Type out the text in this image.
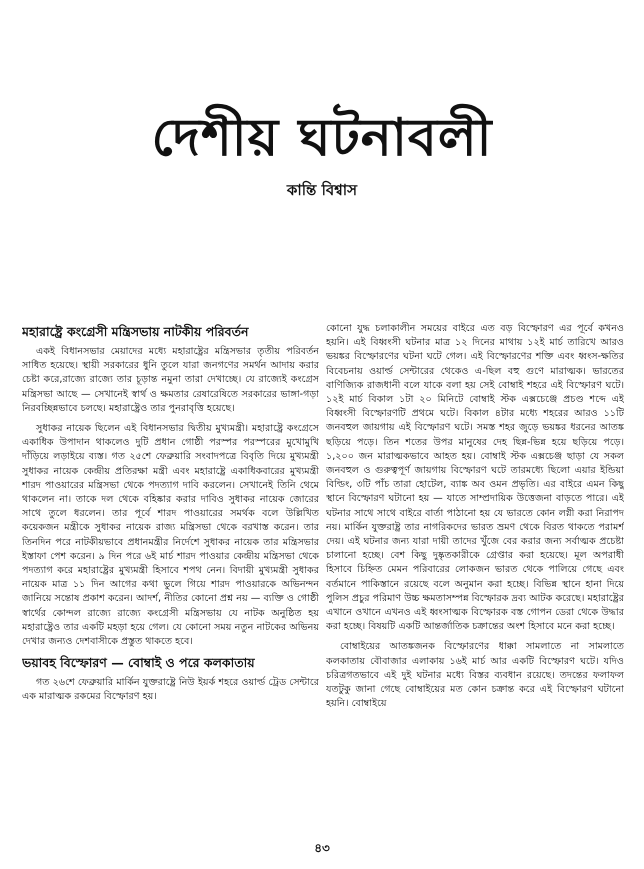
দেশীয় ঘটনাবলী

কান্তি বিশ্বাস

মহারাষ্ট্রে কংগ্রেসী মন্ত্রিসভায় নাটকীয় পরিবর্তন

একই বিধানসভার মেয়াদের মধ্যে মহারাষ্ট্রের মন্ত্রিসভার তৃতীয় পরিবর্তন সাধিত হয়েছে। স্থায়ী সরকারের ধুনি তুলে যারা জনগণের সমর্থন আদায় করার চেষ্টা করে,রাজ্যে রাজ্যে তার চূড়ান্ত নমুনা তারা দেখাচ্ছে। যে রাজ্যেই কংগ্রেস মন্ত্রিসভা আছে — সেখানেই স্বার্থ ও ক্ষমতার রেষারেষিতে সরকারের ভাঙ্গা-গড়া নিরবচ্ছিন্নভাবে চলছে। মহারাষ্ট্রেও তার পুনরাবৃত্তি হয়েছে।

সুধাকর নায়েক ছিলেন এই বিধানসভার দ্বিতীয় মুখ্যমন্ত্রী। মহারাষ্ট্রে কংগ্রেসে একাধিক উপাদান থাকলেও দুটি প্রধান গোষ্ঠী পরস্পর পরস্পরের মুখোমুখি দাঁড়িয়ে লড়াইয়ে ব্যস্ত। গত ২৫শে ফেব্রুয়ারি সংবাদপত্রে বিবৃতি দিয়ে মুখ্যমন্ত্রী সুধাকর নায়েক কেন্দ্রীয় প্রতিরক্ষা মন্ত্রী এবং মহারাষ্ট্রে একাধিকবারের মুখ্যমন্ত্রী শারদ পাওয়ারের মন্ত্রিসভা থেকে পদত্যাগ দাবি করলেন। সেখানেই তিনি থেমে থাকলেন না। তাকে দল থেকে বহিষ্কার করার দাবিও সুধাকর নায়েক জোরের সাথে তুলে ধরলেন। তার পূর্বে শারদ পাওয়ারের সমর্থক বলে উল্লিখিত কয়েকজন মন্ত্রীকে সুধাকর নায়েক রাজ্য মন্ত্রিসভা থেকে বরখাস্ত করেন। তার তিনদিন পরে নাটকীয়ভাবে প্রধানমন্ত্রীর নির্দেশে সুধাকর নায়েক তার মন্ত্রিসভার ইস্তাফা পেশ করেন। ৯ দিন পরে ৬ই মার্চ শারদ পাওয়ার কেন্দ্রীয় মন্ত্রিসভা থেকে পদত্যাগ করে মহারাষ্ট্রের মুখ্যমন্ত্রী হিসাবে শপথ নেন। বিদায়ী মুখ্যমন্ত্রী সুধাকর নায়েক মাত্র ১১ দিন আগের কথা ভুলে গিয়ে শারদ পাওয়ারকে অভিনন্দন জানিয়ে সন্তোষ প্রকাশ করেন। আদর্শ, নীতির কোনো প্রশ্ন নয় — ব্যক্তি ও গোষ্ঠী স্বার্থের কোন্দল রাজ্যে রাজ্যে কংগ্রেসী মন্ত্রিসভায় যে নাটক অনুষ্ঠিত হয় মহারাষ্ট্রেও তার একটি মহড়া হয়ে গেল। যে কোনো সময় নতুন নাটকের অভিনয় দেখার জন্যও দেশবাসীকে প্রস্তুত থাকতে হবে।

ভয়াবহ বিস্ফোরণ — বোম্বাই ও পরে কলকাতায়

গত ২৬শে ফেব্রুয়ারি মার্কিন যুক্তরাষ্ট্রে নিউ ইয়র্ক শহরে ওয়ার্ল্ড ট্রেড সেন্টারে এক মারাত্মক রকমের বিস্ফোরণ হয়।

কোনো যুদ্ধ চলাকালীন সময়ের বাইরে এত বড় বিস্ফোরণ এর পূর্বে কখনও হয়নি। এই বিধ্বংসী ঘটনার মাত্র ১২ দিনের মাথায় ১২ই মার্চ তারিখে আরও ভয়ঙ্কর বিস্ফোরণের ঘটনা ঘটে গেল। এই বিস্ফোরণের শক্তি এবং ধ্বংস-ক্ষতির বিবেচনায় ওয়ার্ল্ড সেন্টারের থেকেও এ-ছিল বহু গুণে মারাত্মক। ভারতের বাণিজ্যিক রাজধানী বলে যাকে বলা হয় সেই বোম্বাই শহরে এই বিস্ফোরণ ঘটে। ১২ই মার্চ বিকাল ১টা ২০ মিনিটে বোম্বাই স্টক এক্সচেঞ্জে প্রচণ্ড শব্দে এই বিধ্বংসী বিস্ফোরণটি প্রথমে ঘটে। বিকাল ৪টার মধ্যে শহরের আরও ১১টি জনবহুল জায়গায় এই বিস্ফোরণ ঘটে। সমস্ত শহর জুড়ে ভয়ঙ্কর ধরনের আতঙ্ক ছড়িয়ে পড়ে। তিন শতের উপর মানুষের দেহ ছিন্ন-ভিন্ন হয়ে ছড়িয়ে পড়ে। ১,২০০ জন মারাত্মকভাবে আহত হয়। বোম্বাই স্টক এক্সচেঞ্জ ছাড়া যে সকল জনবহুল ও গুরুত্বপূর্ণ জায়গায় বিস্ফোরণ ঘটে তারমধ্যে ছিলো এয়ার ইন্ডিয়া বিল্ডিং, ৩টি পাঁচ তারা হোটেল, ব্যাঙ্ক অব ওমন প্রভৃতি। এর বাইরে এমন কিছু স্থানে বিস্ফোরণ ঘটানো হয় — যাতে সাম্প্রদায়িক উত্তেজনা বাড়তে পারে। এই ঘটনার সাথে সাথে বাইরে বার্তা পাঠানো হয় যে ভারতে কোন লগ্নী করা নিরাপদ নয়। মার্কিন যুক্তরাষ্ট্র তার নাগরিকদের ভারত ভ্রমণ থেকে বিরত থাকতে পরামর্শ দেয়। এই ঘটনার জন্য যারা দায়ী তাদের খুঁজে বের করার জন্য সর্বাত্মক প্রচেষ্টা চালানো হচ্ছে। বেশ কিছু দুষ্কৃতকারীকে গ্রেপ্তার করা হয়েছে। মূল অপরাধী হিসাবে চিহ্নিত মেমন পরিবারের লোকজন ভারত থেকে পালিয়ে গেছে এবং বর্তমানে পাকিস্তানে রয়েছে বলে অনুমান করা হচ্ছে। বিভিন্ন স্থানে হানা দিয়ে পুলিস প্রচুর পরিমাণ উচ্চ ক্ষমতাসম্পন্ন বিস্ফোরক দ্রব্য আটক করেছে। মহারাষ্ট্রের এখানে ওখানে এখনও এই ধ্বংসাত্মক বিস্ফোরক বস্ত গোপন ডেরা থেকে উদ্ধার করা হচ্ছে। বিষয়টি একটি আন্তর্জাতিক চক্রান্তের অংশ হিসাবে মনে করা হচ্ছে।

বোম্বাইয়ের আতঙ্কজনক বিস্ফোরণের ধাক্কা সামলাতে না সামলাতে কলকাতায় বৌবাজার এলাকায় ১৬ই মার্চ আর একটি বিস্ফোরণ ঘটে। যদিও চরিত্রগতভাবে এই দুই ঘটনার মধ্যে বিস্তর ব্যবধান রয়েছে। তদন্তের ফলাফল যতটুকু জানা গেছে বোম্বাইয়ের মত কোন চক্রান্ত করে এই বিস্ফোরণ ঘটানো হয়নি। বোম্বাইয়ে

৪৩
